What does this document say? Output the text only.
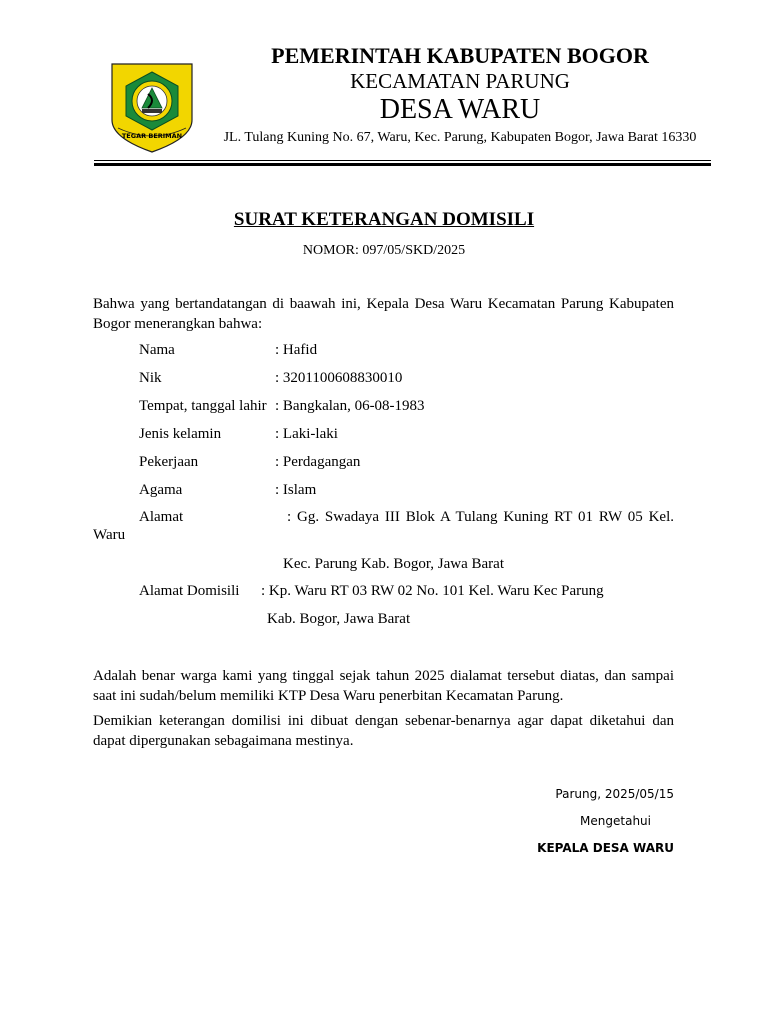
TEGAR BERIMAN
PEMERINTAH KABUPATEN BOGOR
KECAMATAN PARUNG
DESA WARU
JL. Tulang Kuning No. 67, Waru, Kec. Parung, Kabupaten Bogor, Jawa Barat 16330
SURAT KETERANGAN DOMISILI
NOMOR: 097/05/SKD/2025
Bahwa yang bertandatangan di baawah ini, Kepala Desa Waru Kecamatan Parung Kabupaten Bogor menerangkan bahwa:
Nama	: Hafid
Nik	: 3201100608830010
Tempat, tanggal lahir : Bangkalan, 06-08-1983
Jenis kelamin	: Laki-laki
Pekerjaan	: Perdagangan
Agama	: Islam
Alamat	: Gg. Swadaya III Blok A Tulang Kuning RT 01 RW 05 Kel.
Waru
Kec. Parung Kab. Bogor, Jawa Barat
Alamat Domisili : Kp. Waru RT 03 RW 02 No. 101 Kel. Waru Kec Parung
Kab. Bogor, Jawa Barat
Adalah benar warga kami yang tinggal sejak tahun 2025 dialamat tersebut diatas, dan sampai saat ini sudah/belum memiliki KTP Desa Waru penerbitan Kecamatan Parung.
Demikian keterangan domilisi ini dibuat dengan sebenar-benarnya agar dapat diketahui dan dapat dipergunakan sebagaimana mestinya.
Parung, 2025/05/15
Mengetahui
KEPALA DESA WARU
